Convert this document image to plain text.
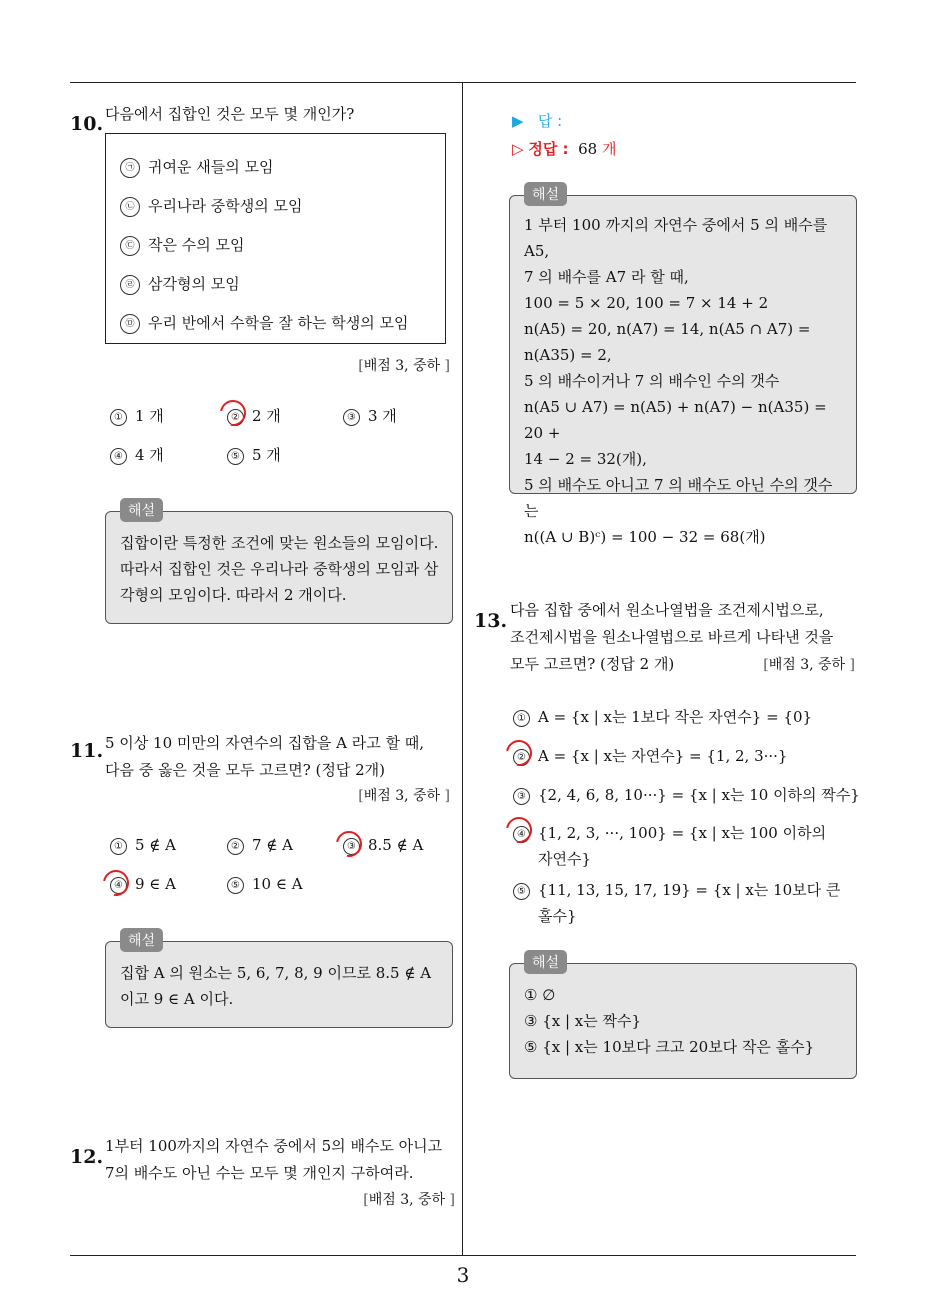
3
10. 다음에서 집합인 것은 모두 몇 개인가?
㉠ 귀여운 새들의 모임
㉡ 우리나라 중학생의 모임
㉢ 작은 수의 모임
㉣ 삼각형의 모임
㉤ 우리 반에서 수학을 잘 하는 학생의 모임
[배점 3, 중하 ]
① 1 개	② 2 개	③ 3 개
④ 4 개	⑤ 5 개
해설
집합이란 특정한 조건에 맞는 원소들의 모임이다.
따라서 집합인 것은 우리나라 중학생의 모임과 삼
각형의 모임이다. 따라서 2 개이다.
11. 5 이상 10 미만의 자연수의 집합을 A 라고 할 때,
다음 중 옳은 것을 모두 고르면? (정답 2개)
[배점 3, 중하 ]
① 5 ∉ A	② 7 ∉ A	③ 8.5 ∉ A
④ 9 ∈ A	⑤ 10 ∈ A
해설
집합 A 의 원소는 5, 6, 7, 8, 9 이므로 8.5 ∉ A
이고 9 ∈ A 이다.
12. 1부터 100까지의 자연수 중에서 5의 배수도 아니고
7의 배수도 아닌 수는 모두 몇 개인지 구하여라.
[배점 3, 중하 ]
▶ 답 :
▷ 정답 : 68 개
해설
1 부터 100 까지의 자연수 중에서 5 의 배수를 A5,
7 의 배수를 A7 라 할 때,
100 = 5 × 20, 100 = 7 × 14 + 2
n(A5) = 20, n(A7) = 14, n(A5 ∩ A7) =
n(A35) = 2,
5 의 배수이거나 7 의 배수인 수의 갯수
n(A5 ∪ A7) = n(A5) + n(A7) − n(A35) = 20 +
14 − 2 = 32(개),
5 의 배수도 아니고 7 의 배수도 아닌 수의 갯수는
n((A ∪ B)ᶜ) = 100 − 32 = 68(개)
13. 다음 집합 중에서 원소나열법을 조건제시법으로,
조건제시법을 원소나열법으로 바르게 나타낸 것을
모두 고르면? (정답 2 개)	[배점 3, 중하 ]
① A = {x | x는 1보다 작은 자연수} = {0}
② A = {x | x는 자연수} = {1, 2, 3···}
③ {2, 4, 6, 8, 10···} = {x | x는 10 이하의 짝수}
④ {1, 2, 3, ···, 100} = {x | x는 100 이하의
자연수}
⑤ {11, 13, 15, 17, 19} = {x | x는 10보다 큰
홀수}
해설
① ∅
③ {x | x는 짝수}
⑤ {x | x는 10보다 크고 20보다 작은 홀수}
